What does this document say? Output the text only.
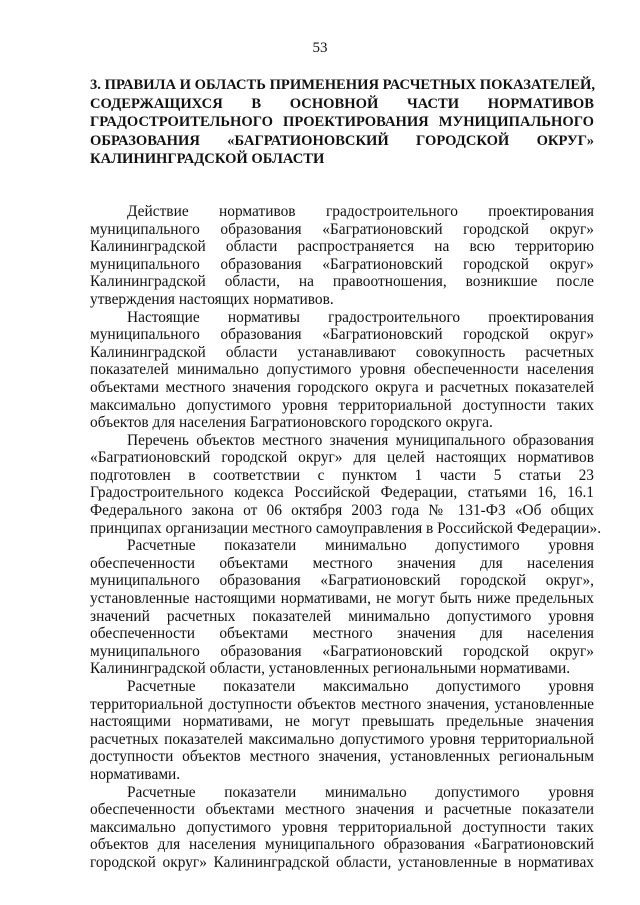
53
3. ПРАВИЛА И ОБЛАСТЬ ПРИМЕНЕНИЯ РАСЧЕТНЫХ ПОКАЗАТЕЛЕЙ,
СОДЕРЖАЩИХСЯ В ОСНОВНОЙ ЧАСТИ НОРМАТИВОВ
ГРАДОСТРОИТЕЛЬНОГО ПРОЕКТИРОВАНИЯ МУНИЦИПАЛЬНОГО
ОБРАЗОВАНИЯ «БАГРАТИОНОВСКИЙ ГОРОДСКОЙ ОКРУГ»
КАЛИНИНГРАДСКОЙ ОБЛАСТИ
Действие нормативов градостроительного проектирования
муниципального образования «Багратионовский городской округ»
Калининградской области распространяется на всю территорию
муниципального образования «Багратионовский городской округ»
Калининградской области, на правоотношения, возникшие после
утверждения настоящих нормативов.
Настоящие нормативы градостроительного проектирования
муниципального образования «Багратионовский городской округ»
Калининградской области устанавливают совокупность расчетных
показателей минимально допустимого уровня обеспеченности населения
объектами местного значения городского округа и расчетных показателей
максимально допустимого уровня территориальной доступности таких
объектов для населения Багратионовского городского округа.
Перечень объектов местного значения муниципального образования
«Багратионовский городской округ» для целей настоящих нормативов
подготовлен в соответствии с пунктом 1 части 5 статьи 23
Градостроительного кодекса Российской Федерации, статьями 16, 16.1
Федерального закона от 06 октября 2003 года № 131-ФЗ «Об общих
принципах организации местного самоуправления в Российской Федерации».
Расчетные показатели минимально допустимого уровня
обеспеченности объектами местного значения для населения
муниципального образования «Багратионовский городской округ»,
установленные настоящими нормативами, не могут быть ниже предельных
значений расчетных показателей минимально допустимого уровня
обеспеченности объектами местного значения для населения
муниципального образования «Багратионовский городской округ»
Калининградской области, установленных региональными нормативами.
Расчетные показатели максимально допустимого уровня
территориальной доступности объектов местного значения, установленные
настоящими нормативами, не могут превышать предельные значения
расчетных показателей максимально допустимого уровня территориальной
доступности объектов местного значения, установленных региональным
нормативами.
Расчетные показатели минимально допустимого уровня
обеспеченности объектами местного значения и расчетные показатели
максимально допустимого уровня территориальной доступности таких
объектов для населения муниципального образования «Багратионовский
городской округ» Калининградской области, установленные в нормативах
